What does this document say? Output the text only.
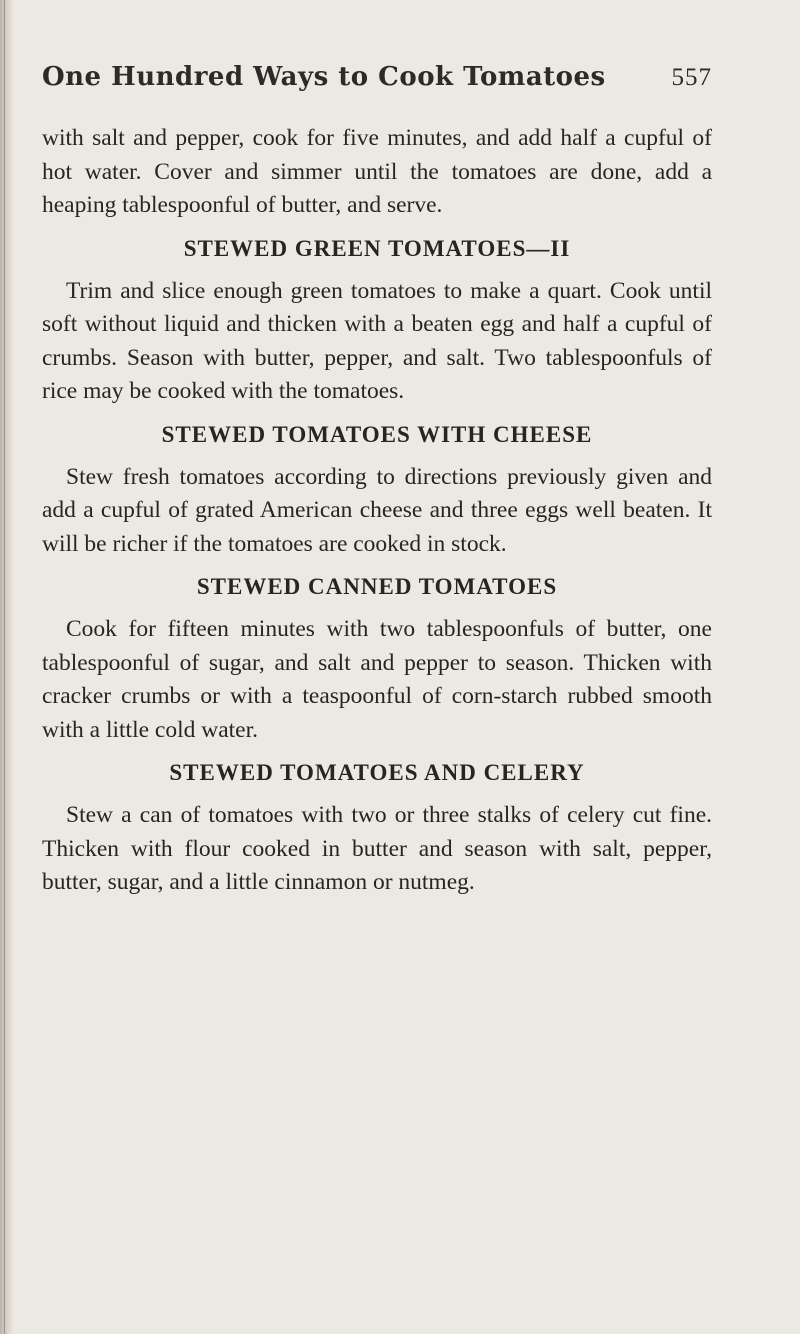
One Hundred Ways to Cook Tomatoes	557

with salt and pepper, cook for five minutes, and add half a cupful of hot water. Cover and simmer until the tomatoes are done, add a heaping tablespoonful of butter, and serve.

STEWED GREEN TOMATOES—II

Trim and slice enough green tomatoes to make a quart. Cook until soft without liquid and thicken with a beaten egg and half a cupful of crumbs. Season with butter, pepper, and salt. Two tablespoonfuls of rice may be cooked with the tomatoes.

STEWED TOMATOES WITH CHEESE

Stew fresh tomatoes according to directions previously given and add a cupful of grated American cheese and three eggs well beaten. It will be richer if the tomatoes are cooked in stock.

STEWED CANNED TOMATOES

Cook for fifteen minutes with two tablespoonfuls of butter, one tablespoonful of sugar, and salt and pepper to season. Thicken with cracker crumbs or with a teaspoonful of corn-starch rubbed smooth with a little cold water.

STEWED TOMATOES AND CELERY

Stew a can of tomatoes with two or three stalks of celery cut fine. Thicken with flour cooked in butter and season with salt, pepper, butter, sugar, and a little cinnamon or nutmeg.
